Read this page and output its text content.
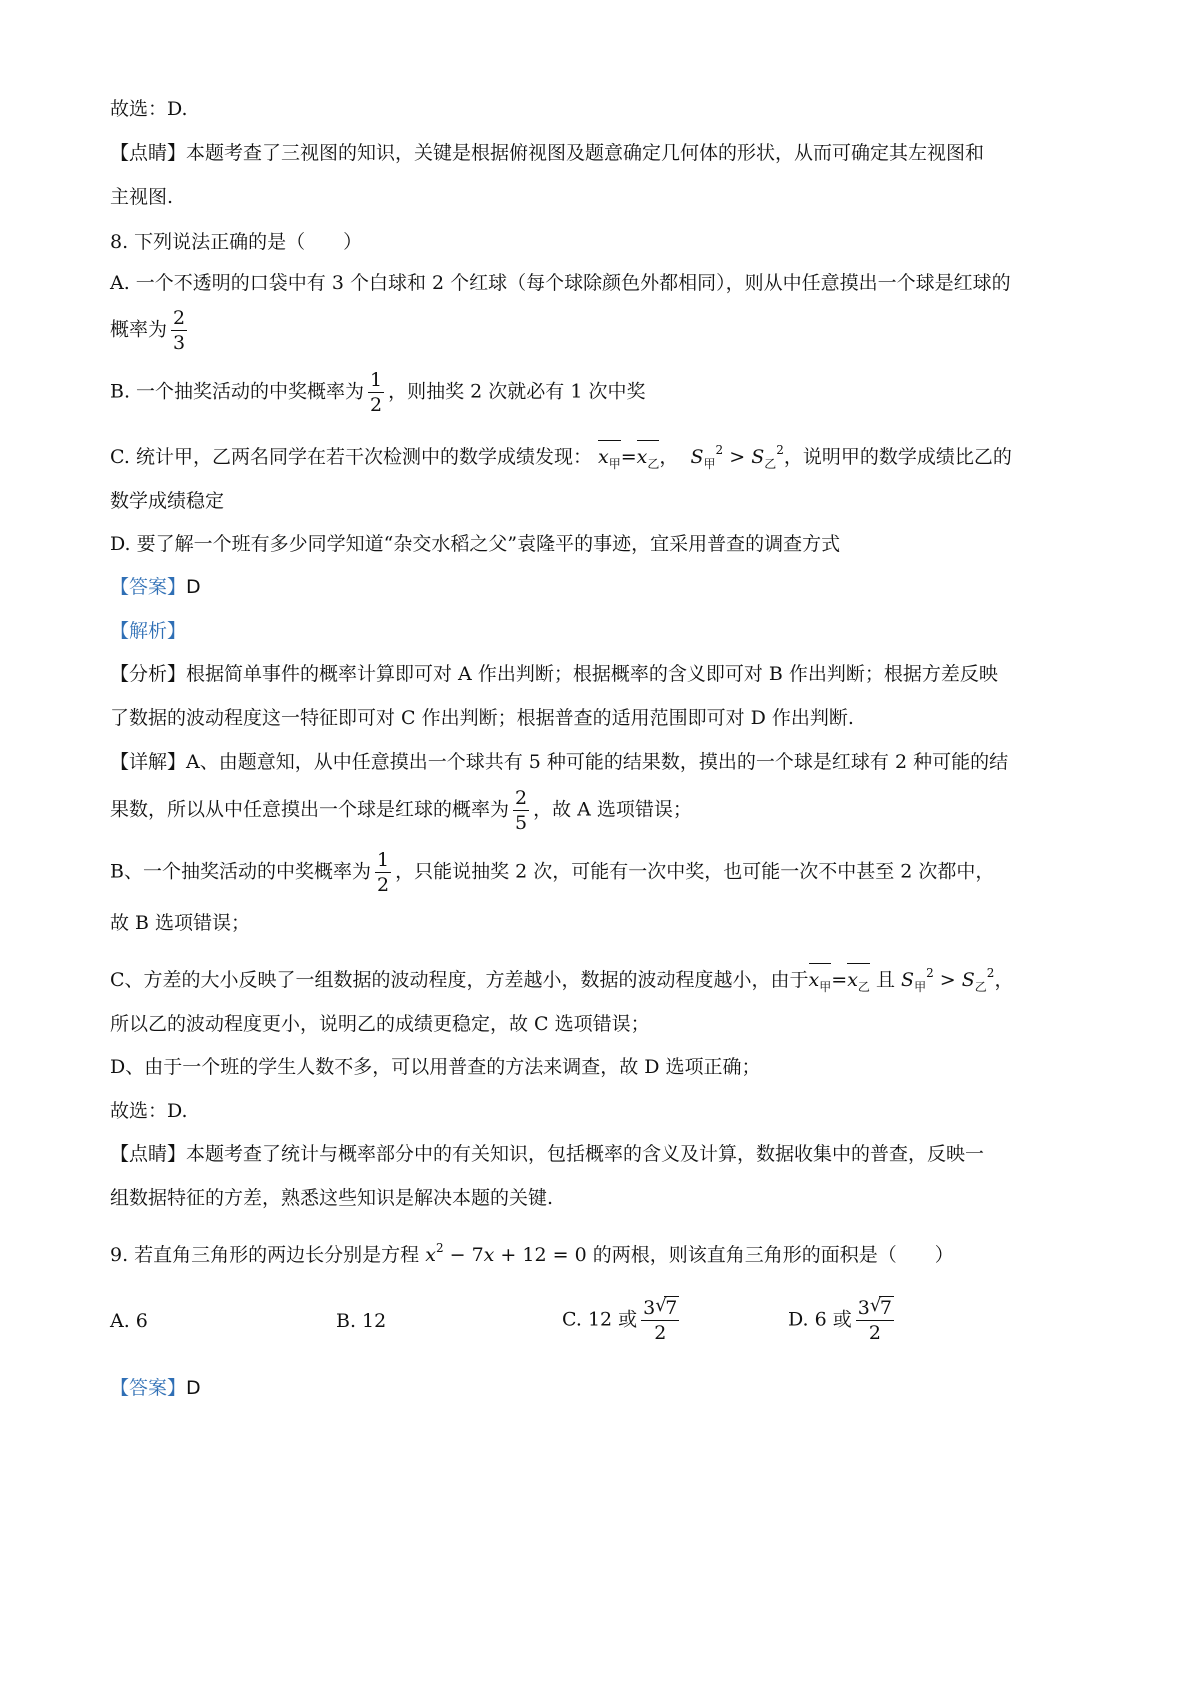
故选：D.
【点睛】本题考查了三视图的知识，关键是根据俯视图及题意确定几何体的形状，从而可确定其左视图和
主视图.
8. 下列说法正确的是（　　）
A. 一个不透明的口袋中有 3 个白球和 2 个红球（每个球除颜色外都相同），则从中任意摸出一个球是红球的
概率为 $\frac{2}{3}$
B. 一个抽奖活动的中奖概率为 $\frac{1}{2}$ ，则抽奖 2 次就必有 1 次中奖
C. 统计甲，乙两名同学在若干次检测中的数学成绩发现： $x_甲=$
$x_乙$，  $S_甲^2 > S_乙^2$，说明甲的数学成绩比乙的
数学成绩稳定
D. 要了解一个班有多少同学知道“杂交水稻之父”袁隆平的事迹，宜采用普查的调查方式
【答案】D
【解析】
【分析】根据简单事件的概率计算即可对 A 作出判断；根据概率的含义即可对 B 作出判断；根据方差反映
了数据的波动程度这一特征即可对 C 作出判断；根据普查的适用范围即可对 D 作出判断.
【详解】A、由题意知，从中任意摸出一个球共有 5 种可能的结果数，摸出的一个球是红球有 2 种可能的结
果数，所以从中任意摸出一个球是红球的概率为 $\frac{2}{5}$ ，故 A 选项错误；
B、一个抽奖活动的中奖概率为 $\frac{1}{2}$ ，只能说抽奖 2 次，可能有一次中奖，也可能一次不中甚至 2 次都中，
故 B 选项错误；
C、方差的大小反映了一组数据的波动程度，方差越小，数据的波动程度越小，由于
$x_甲=$
$x_乙$ 且 $S_甲^2 > S_乙^2$，
所以乙的波动程度更小，说明乙的成绩更稳定，故 C 选项错误；
D、由于一个班的学生人数不多，可以用普查的方法来调查，故 D 选项正确；
故选：D.
【点睛】本题考查了统计与概率部分中的有关知识，包括概率的含义及计算，数据收集中的普查，反映一
组数据特征的方差，熟悉这些知识是解决本题的关键.
9. 若直角三角形的两边长分别是方程 $x^2 - 7x + 12 = 0$ 的两根，则该直角三角形的面积是（　　）
A. 6	B. 12	C. 12 或 3 √
7
2	D. 6 或 3 √
7
2
【答案】D
